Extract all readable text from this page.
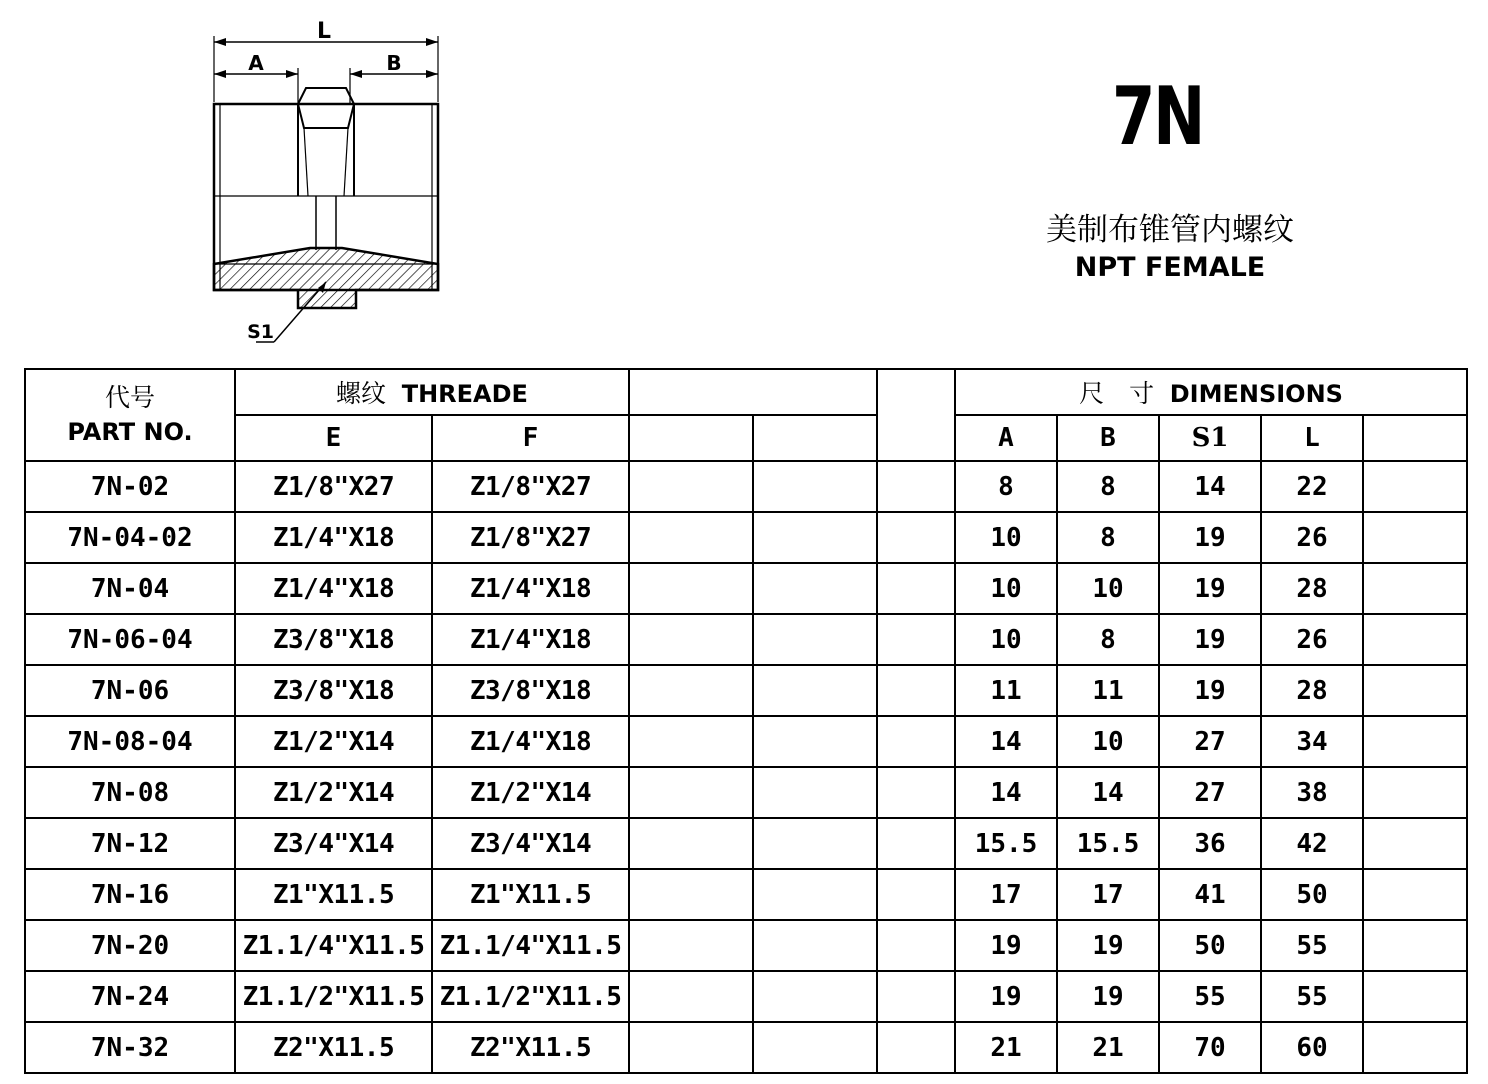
L
A	B
S1
7N
美制布锥管内螺纹
NPT FEMALE
代号
PART NO.	螺纹 THREADE					尺　寸 DIMENSIONS				
	E	F				A	B	S1	L	
7N-02	Z1/8"X27	Z1/8"X27				8	8	14	22	
7N-04-02	Z1/4"X18	Z1/8"X27				10	8	19	26	
7N-04	Z1/4"X18	Z1/4"X18				10	10	19	28	
7N-06-04	Z3/8"X18	Z1/4"X18				10	8	19	26	
7N-06	Z3/8"X18	Z3/8"X18				11	11	19	28	
7N-08-04	Z1/2"X14	Z1/4"X18				14	10	27	34	
7N-08	Z1/2"X14	Z1/2"X14				14	14	27	38	
7N-12	Z3/4"X14	Z3/4"X14				15.5	15.5	36	42	
7N-16	Z1"X11.5	Z1"X11.5				17	17	41	50	
7N-20	Z1.1/4"X11.5	Z1.1/4"X11.5				19	19	50	55	
7N-24	Z1.1/2"X11.5	Z1.1/2"X11.5				19	19	55	55	
7N-32	Z2"X11.5	Z2"X11.5				21	21	70	60	
